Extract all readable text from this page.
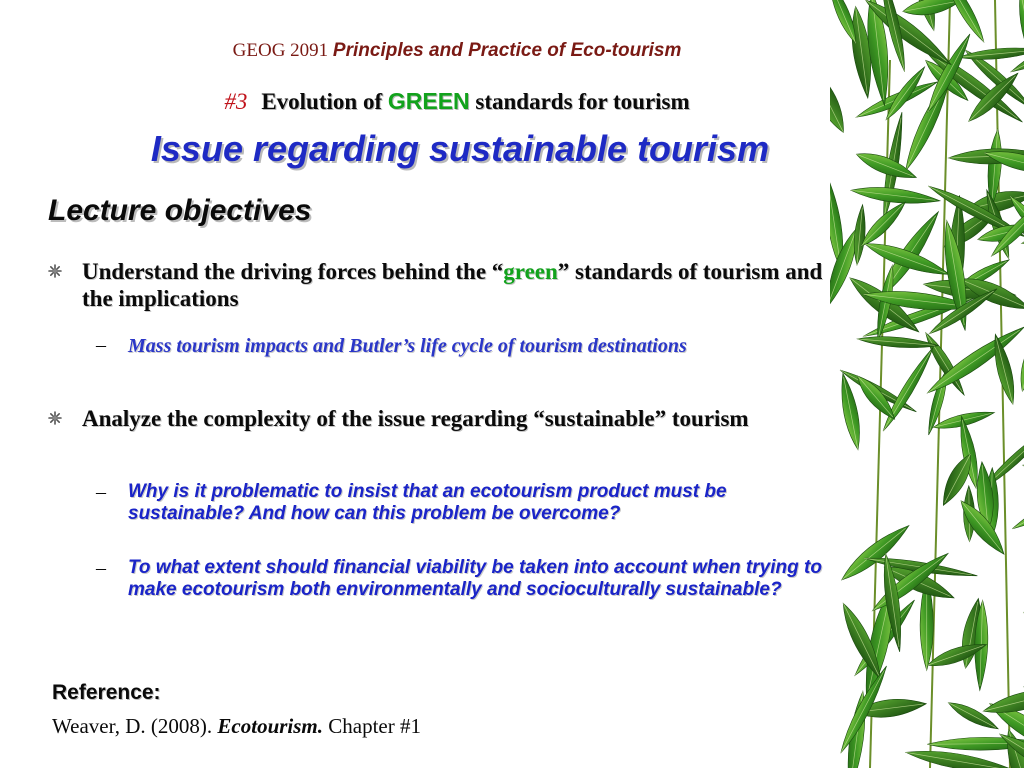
GEOG 2091 Principles and Practice of Eco-tourism
#3 Evolution of GREEN standards for tourism
Issue regarding sustainable tourism
Lecture objectives
Understand the driving forces behind the “green” standards of tourism and the implications
– Mass tourism impacts and Butler’s life cycle of tourism destinations
Analyze the complexity of the issue regarding “sustainable” tourism
– Why is it problematic to insist that an ecotourism product must be sustainable? And how can this problem be overcome?
– To what extent should financial viability be taken into account when trying to make ecotourism both environmentally and socioculturally sustainable?
Reference:
Weaver, D. (2008). Ecotourism. Chapter #1
